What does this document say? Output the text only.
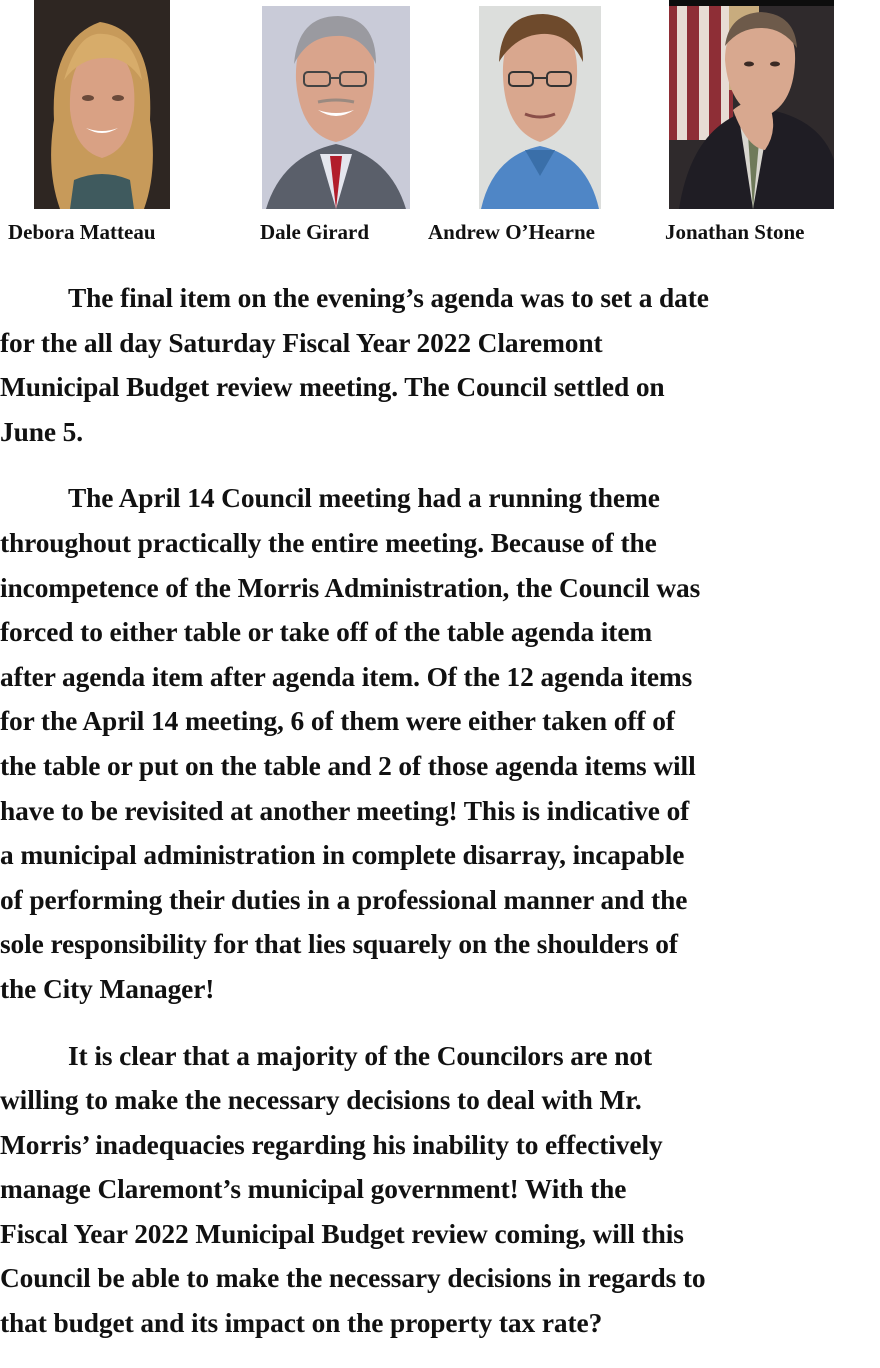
Debora Matteau	Dale Girard	Andrew O’Hearne	Jonathan Stone

The final item on the evening’s agenda was to set a date
for the all day Saturday Fiscal Year 2022 Claremont
Municipal Budget review meeting. The Council settled on
June 5.

The April 14 Council meeting had a running theme
throughout practically the entire meeting. Because of the
incompetence of the Morris Administration, the Council was
forced to either table or take off of the table agenda item
after agenda item after agenda item. Of the 12 agenda items
for the April 14 meeting, 6 of them were either taken off of
the table or put on the table and 2 of those agenda items will
have to be revisited at another meeting! This is indicative of
a municipal administration in complete disarray, incapable
of performing their duties in a professional manner and the
sole responsibility for that lies squarely on the shoulders of
the City Manager!

It is clear that a majority of the Councilors are not
willing to make the necessary decisions to deal with Mr.
Morris’ inadequacies regarding his inability to effectively
manage Claremont’s municipal government! With the
Fiscal Year 2022 Municipal Budget review coming, will this
Council be able to make the necessary decisions in regards to
that budget and its impact on the property tax rate?
